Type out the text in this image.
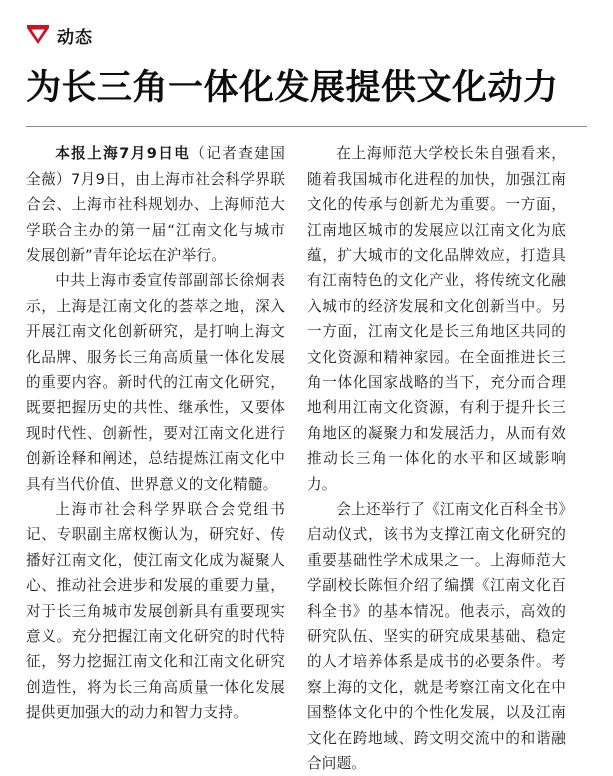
动态
为长三角一体化发展提供文化动力

本报上海7月9日电（记者查建国　全薇）7月9日，由上海市社会科学界联合会、上海市社科规划办、上海师范大学联合主办的第一届“江南文化与城市发展创新”青年论坛在沪举行。

中共上海市委宣传部副部长徐炯表示，上海是江南文化的荟萃之地，深入开展江南文化创新研究，是打响上海文化品牌、服务长三角高质量一体化发展的重要内容。新时代的江南文化研究，既要把握历史的共性、继承性，又要体现时代性、创新性，要对江南文化进行创新诠释和阐述，总结提炼江南文化中具有当代价值、世界意义的文化精髓。

上海市社会科学界联合会党组书记、专职副主席权衡认为，研究好、传播好江南文化，使江南文化成为凝聚人心、推动社会进步和发展的重要力量，对于长三角城市发展创新具有重要现实意义。充分把握江南文化研究的时代特征，努力挖掘江南文化和江南文化研究创造性，将为长三角高质量一体化发展提供更加强大的动力和智力支持。

在上海师范大学校长朱自强看来，随着我国城市化进程的加快，加强江南文化的传承与创新尤为重要。一方面，江南地区城市的发展应以江南文化为底蕴，扩大城市的文化品牌效应，打造具有江南特色的文化产业，将传统文化融入城市的经济发展和文化创新当中。另一方面，江南文化是长三角地区共同的文化资源和精神家园。在全面推进长三角一体化国家战略的当下，充分而合理地利用江南文化资源，有利于提升长三角地区的凝聚力和发展活力，从而有效推动长三角一体化的水平和区域影响力。

会上还举行了《江南文化百科全书》启动仪式，该书为支撑江南文化研究的重要基础性学术成果之一。上海师范大学副校长陈恒介绍了编撰《江南文化百科全书》的基本情况。他表示，高效的研究队伍、坚实的研究成果基础、稳定的人才培养体系是成书的必要条件。考察上海的文化，就是考察江南文化在中国整体文化中的个性化发展，以及江南文化在跨地域、跨文明交流中的和谐融合问题。
